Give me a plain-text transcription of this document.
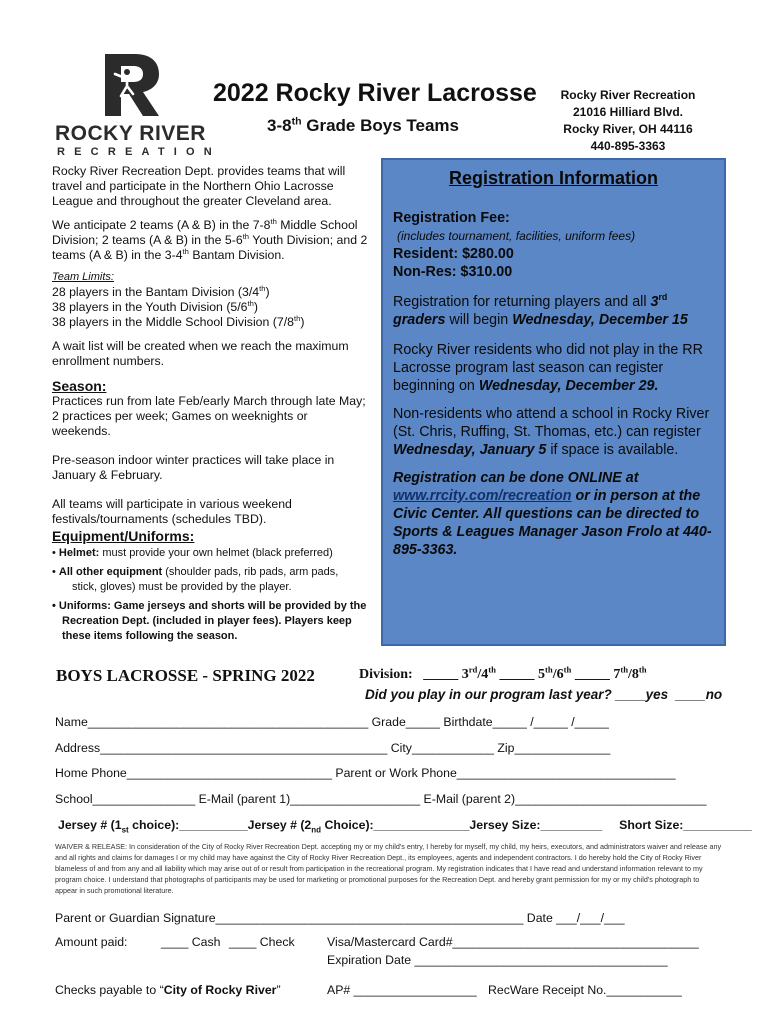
ROCKY RIVER
RECREATION
2022 Rocky River Lacrosse
3-8th Grade Boys Teams
Rocky River Recreation
21016 Hilliard Blvd.
Rocky River, OH 44116
440-895-3363

Rocky River Recreation Dept. provides teams that will travel and participate in the Northern Ohio Lacrosse League and throughout the greater Cleveland area.

We anticipate 2 teams (A & B) in the 7-8th Middle School Division; 2 teams (A & B) in the 5-6th Youth Division; and 2 teams (A & B) in the 3-4th Bantam Division.

Team Limits:

28 players in the Bantam Division (3/4th)

38 players in the Youth Division (5/6th)

38 players in the Middle School Division (7/8th)

A wait list will be created when we reach the maximum enrollment numbers.

Season:

Practices run from late Feb/early March through late May; 2 practices per week; Games on weeknights or weekends.

Pre-season indoor winter practices will take place in January & February.

All teams will participate in various weekend festivals/tournaments (schedules TBD).

Equipment/Uniforms:

• Helmet: must provide your own helmet (black preferred)
• All other equipment (shoulder pads, rib pads, arm pads,
stick, gloves) must be provided by the player.
• Uniforms: Game jerseys and shorts will be provided by the Recreation Dept. (included in player fees). Players keep these items following the season.
Registration Information

Registration Fee:

(includes tournament, facilities, uniform fees)

Resident: $280.00

Non-Res: $310.00

Registration for returning players and all 3rd graders will begin Wednesday, December 15

Rocky River residents who did not play in the RR Lacrosse program last season can register beginning on Wednesday, December 29.

Non-residents who attend a school in Rocky River (St. Chris, Ruffing, St. Thomas, etc.) can register Wednesday, January 5 if space is available.

Registration can be done ONLINE at www.rrcity.com/recreation or in person at the Civic Center. All questions can be directed to Sports & Leagues Manager Jason Frolo at 440-895-3363.

BOYS LACROSSE - SPRING 2022	Division: _____ 3rd/4th _____ 5th/6th _____ 7th/8th
Did you play in our program last year? ____yes ____no
Name_________________________________________ Grade_____ Birthdate_____ /_____ /_____
Address__________________________________________ City____________ Zip______________
Home Phone______________________________ Parent or Work Phone________________________________
School_______________ E-Mail (parent 1)___________________ E-Mail (parent 2)____________________________
Jersey # ($1_{st}$ choice):__________Jersey # ($2_{nd}$ Choice):______________Jersey Size:_________ Short Size:__________
WAIVER & RELEASE: In consideration of the City of Rocky River Recreation Dept. accepting my or my child's entry, I hereby for myself, my child, my heirs, executors, and administrators waiver and release any and all rights and claims for damages I or my child may have against the City of Rocky River Recreation Dept., its employees, agents and independent contractors. I do hereby hold the City of Rocky River blameless of and from any and all liability which may arise out of or result from participation in the recreational program. My registration indicates that I have read and understand information relevant to my program choice. I understand that photographs of participants may be used for marketing or promotional purposes for the Recreation Dept. and hereby grant permission for my or my child's photograph to appear in such promotional literature.
Parent or Guardian Signature_____________________________________________ Date ___/___/___
Amount paid:	____ Cash ____ Check	Visa/Mastercard Card#____________________________________
Expiration Date _____________________________________
Checks payable to “City of Rocky River”	AP# __________________ RecWare Receipt No.___________
